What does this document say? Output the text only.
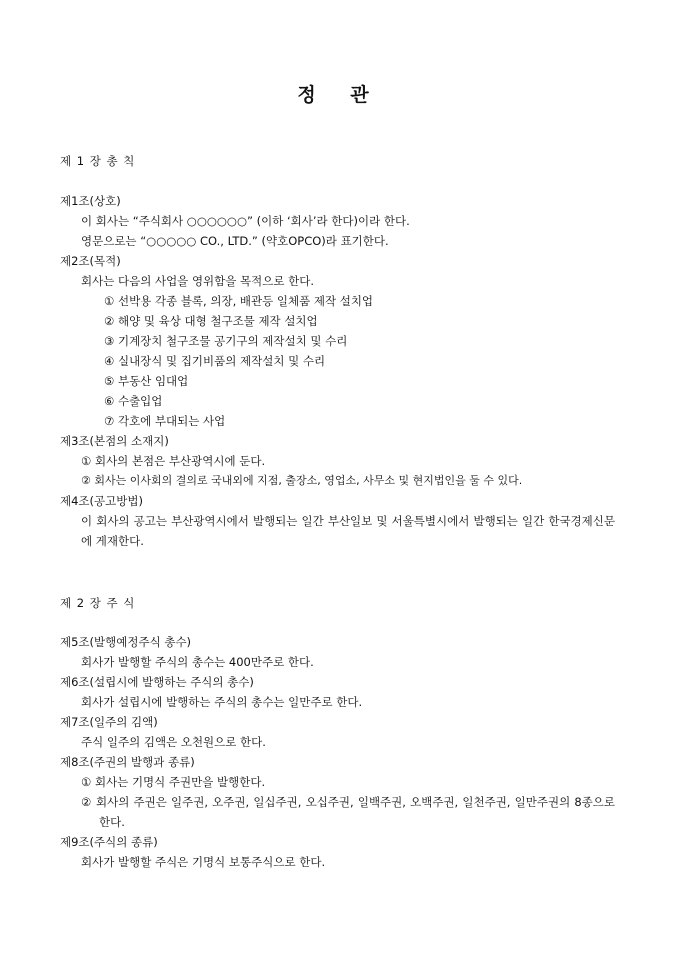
정 관
제 1 장 총 칙
제1조(상호)
이 회사는 “주식회사 ○○○○○○” (이하 ‘회사’라 한다)이라 한다.
영문으로는 “○○○○○ CO., LTD.” (약호OPCO)라 표기한다.
제2조(목적)
회사는 다음의 사업을 영위함을 목적으로 한다.
① 선박용 각종 블록, 의장, 배관등 일체품 제작 설치업
② 해양 및 육상 대형 철구조물 제작 설치업
③ 기계장치 철구조물 공기구의 제작설치 및 수리
④ 실내장식 및 집기비품의 제작설치 및 수리
⑤ 부동산 임대업
⑥ 수출입업
⑦ 각호에 부대되는 사업
제3조(본점의 소재지)
① 회사의 본점은 부산광역시에 둔다.
② 회사는 이사회의 결의로 국내외에 지점, 출장소, 영업소, 사무소 및 현지법인을 둘 수 있다.
제4조(공고방법)
이 회사의 공고는 부산광역시에서 발행되는 일간 부산일보 및 서울특별시에서 발행되는 일간 한국경제신문에 게재한다.
제 2 장 주 식
제5조(발행예정주식 총수)
회사가 발행할 주식의 총수는 400만주로 한다.
제6조(설립시에 발행하는 주식의 총수)
회사가 설립시에 발행하는 주식의 총수는 일만주로 한다.
제7조(일주의 김액)
주식 일주의 김액은 오천원으로 한다.
제8조(주권의 발행과 종류)
① 회사는 기명식 주권만을 발행한다.
② 회사의 주권은 일주권, 오주권, 일십주권, 오십주권, 일백주권, 오백주권, 일천주권, 일만주권의 8종으로 한다.
제9조(주식의 종류)
회사가 발행할 주식은 기명식 보통주식으로 한다.
